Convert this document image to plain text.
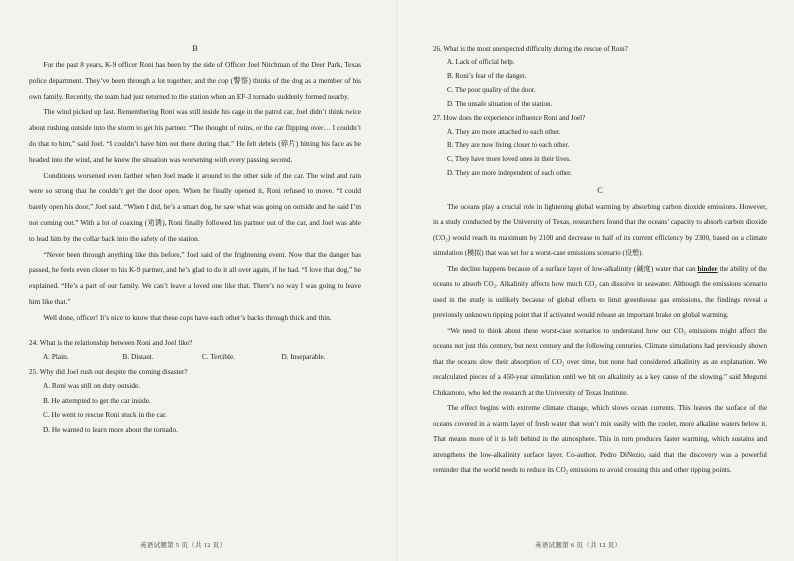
B

For the past 8 years, K-9 officer Roni has been by the side of Officer Joel Nitchman of the Deer Park, Texas police department. They’ve been through a lot together, and the cop (警察) thinks of the dog as a member of his own family. Recently, the team had just returned to the station when an EF-3 tornado suddenly formed nearby.

The wind picked up fast. Remembering Roni was still inside his cage in the patrol car, Joel didn’t think twice about rushing outside into the storm to get his partner. “The thought of ruins, or the car flipping over… I couldn’t do that to him,” said Joel. “I couldn’t have him out there during that.” He felt debris (碎片) hitting his face as he headed into the wind, and he knew the situation was worsening with every passing second.

Conditions worsened even farther when Joel made it around to the other side of the car. The wind and rain were so strong that he couldn’t get the door open. When he finally opened it, Roni refused to move. “I could barely open his door,” Joel said. “When I did, he’s a smart dog, he saw what was going on outside and he said I’m not coming out.” With a lot of coaxing (劝诱), Roni finally followed his partner out of the car, and Joel was able to lead him by the collar back into the safety of the station.

“Never been through anything like this before,” Joel said of the frightening event. Now that the danger has passed, he feels even closer to his K-9 partner, and he’s glad to do it all over again, if he had. “I love that dog,” he explained. “He’s a part of our family. We can’t leave a loved one like that. There’s no way I was going to leave him like that.”

Well done, officer! It’s nice to know that these cops have each other’s backs through thick and thin.

24. What is the relationship between Roni and Joel like?

A. Plain.	B. Distant.	C. Terrible.	D. Inseparable.

25. Why did Joel rush out despite the coming disaster?

A. Roni was still on duty outside.

B. He attempted to get the car inside.

C. He went to rescue Roni stuck in the car.

D. He wanted to learn more about the tornado.

英语试题第 5 页（共 12 页）

26. What is the most unexpected difficulty during the rescue of Roni?

A. Lack of official help.

B. Roni’s fear of the danger.

C. The poor quality of the door.

D. The unsafe situation of the station.

27. How does the experience influence Roni and Joel?

A. They are more attached to each other.

B. They are now living closer to each other.

C. They have more loved ones in their lives.

D. They are more independent of each other.

C

The oceans play a crucial role in lightening global warming by absorbing carbon dioxide emissions. However, in a study conducted by the University of Texas, researchers found that the oceans’ capacity to absorb carbon dioxide (CO₂) would reach its maximum by 2100 and decrease to half of its current efficiency by 2300, based on a climate simulation (模拟) that was set for a worst-case emissions scenario (设想).

The decline happens because of a surface layer of low-alkalinity (碱度) water that can hinder the ability of the oceans to absorb CO₂. Alkalinity affects how much CO₂ can dissolve in seawater. Although the emissions scenario used in the study is unlikely because of global efforts to limit greenhouse gas emissions, the findings reveal a previously unknown tipping point that if activated would release an important brake on global warming.

“We need to think about these worst-case scenarios to understand how our CO₂ emissions might affect the oceans not just this century, but next century and the following centuries. Climate simulations had previously shown that the oceans slow their absorption of CO₂ over time, but none had considered alkalinity as an explanation. We recalculated pieces of a 450-year simulation until we hit on alkalinity as a key cause of the slowing.” said Megumi Chikamoto, who led the research at the University of Texas Institute.

The effect begins with extreme climate change, which slows ocean currents. This leaves the surface of the oceans covered in a warm layer of fresh water that won’t mix easily with the cooler, more alkaline waters below it. That means more of it is left behind in the atmosphere. This in turn produces faster warming, which sustains and strengthens the low-alkalinity surface layer. Co-author, Pedro DiNezio, said that the discovery was a powerful reminder that the world needs to reduce its CO₂ emissions to avoid crossing this and other tipping points.

英语试题第 6 页（共 12 页）
